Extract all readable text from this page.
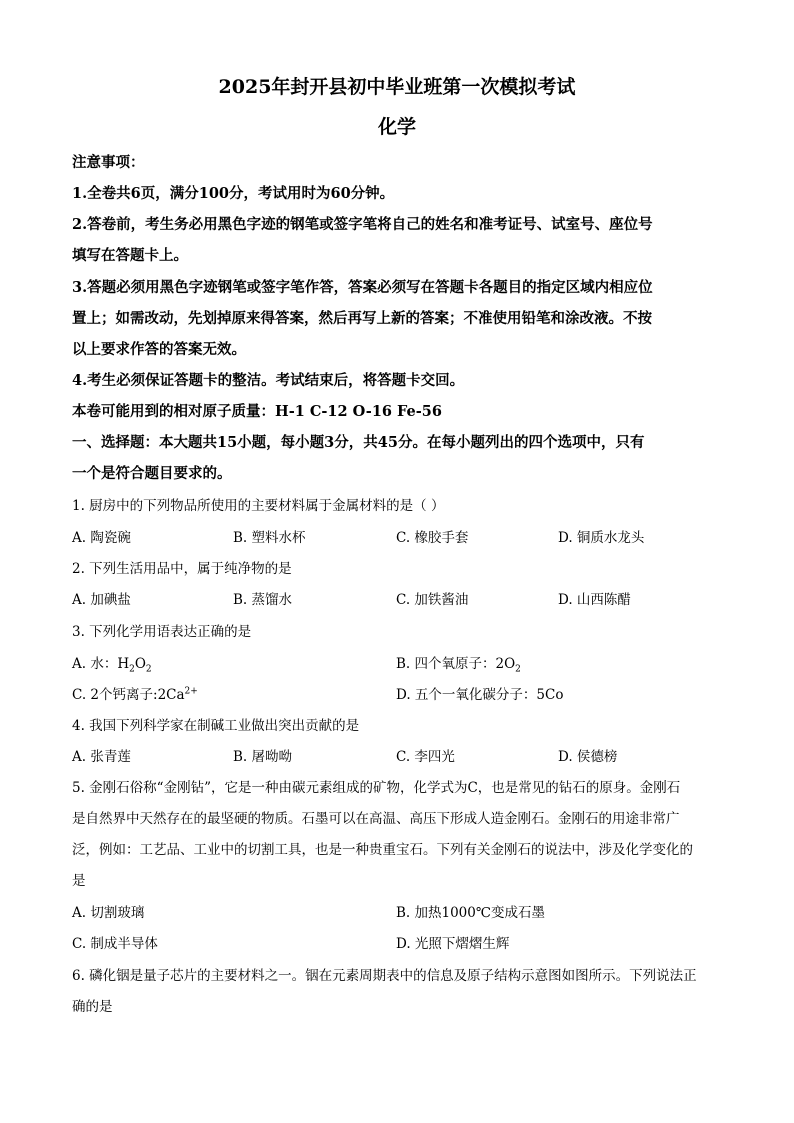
2025年封开县初中毕业班第一次模拟考试
化学
注意事项：
1.全卷共6页，满分100分，考试用时为60分钟。
2.答卷前，考生务必用黑色字迹的钢笔或签字笔将自己的姓名和准考证号、试室号、座位号
填写在答题卡上。
3.答题必须用黑色字迹钢笔或签字笔作答，答案必须写在答题卡各题目的指定区域内相应位
置上；如需改动，先划掉原来得答案，然后再写上新的答案；不准使用铅笔和涂改液。不按
以上要求作答的答案无效。
4.考生必须保证答题卡的整洁。考试结束后，将答题卡交回。
本卷可能用到的相对原子质量：H-1 C-12 O-16 Fe-56
一、选择题：本大题共15小题，每小题3分，共45分。在每小题列出的四个选项中，只有
一个是符合题目要求的。
1. 厨房中的下列物品所使用的主要材料属于金属材料的是（ ）
A. 陶瓷碗	B. 塑料水杯	C. 橡胶手套	D. 铜质水龙头
2. 下列生活用品中，属于纯净物的是
A. 加碘盐	B. 蒸馏水	C. 加铁酱油	D. 山西陈醋
3. 下列化学用语表达正确的是
A. 水：$H_2O_2$	B. 四个氧原子：$2O_2$
C. 2个钙离子$:2Ca^{2+}$	D. 五个一氧化碳分子：5Co
4. 我国下列科学家在制碱工业做出突出贡献的是
A. 张青莲	B. 屠呦呦	C. 李四光	D. 侯德榜
5. 金刚石俗称“金刚钻”，它是一种由碳元素组成的矿物，化学式为C，也是常见的钻石的原身。金刚石
是自然界中天然存在的最坚硬的物质。石墨可以在高温、高压下形成人造金刚石。金刚石的用途非常广
泛，例如：工艺品、工业中的切割工具，也是一种贵重宝石。下列有关金刚石的说法中，涉及化学变化的
是
A. 切割玻璃	B. 加热1000℃变成石墨
C. 制成半导体	D. 光照下熠熠生辉
6. 磷化铟是量子芯片的主要材料之一。铟在元素周期表中的信息及原子结构示意图如图所示。下列说法正
确的是
